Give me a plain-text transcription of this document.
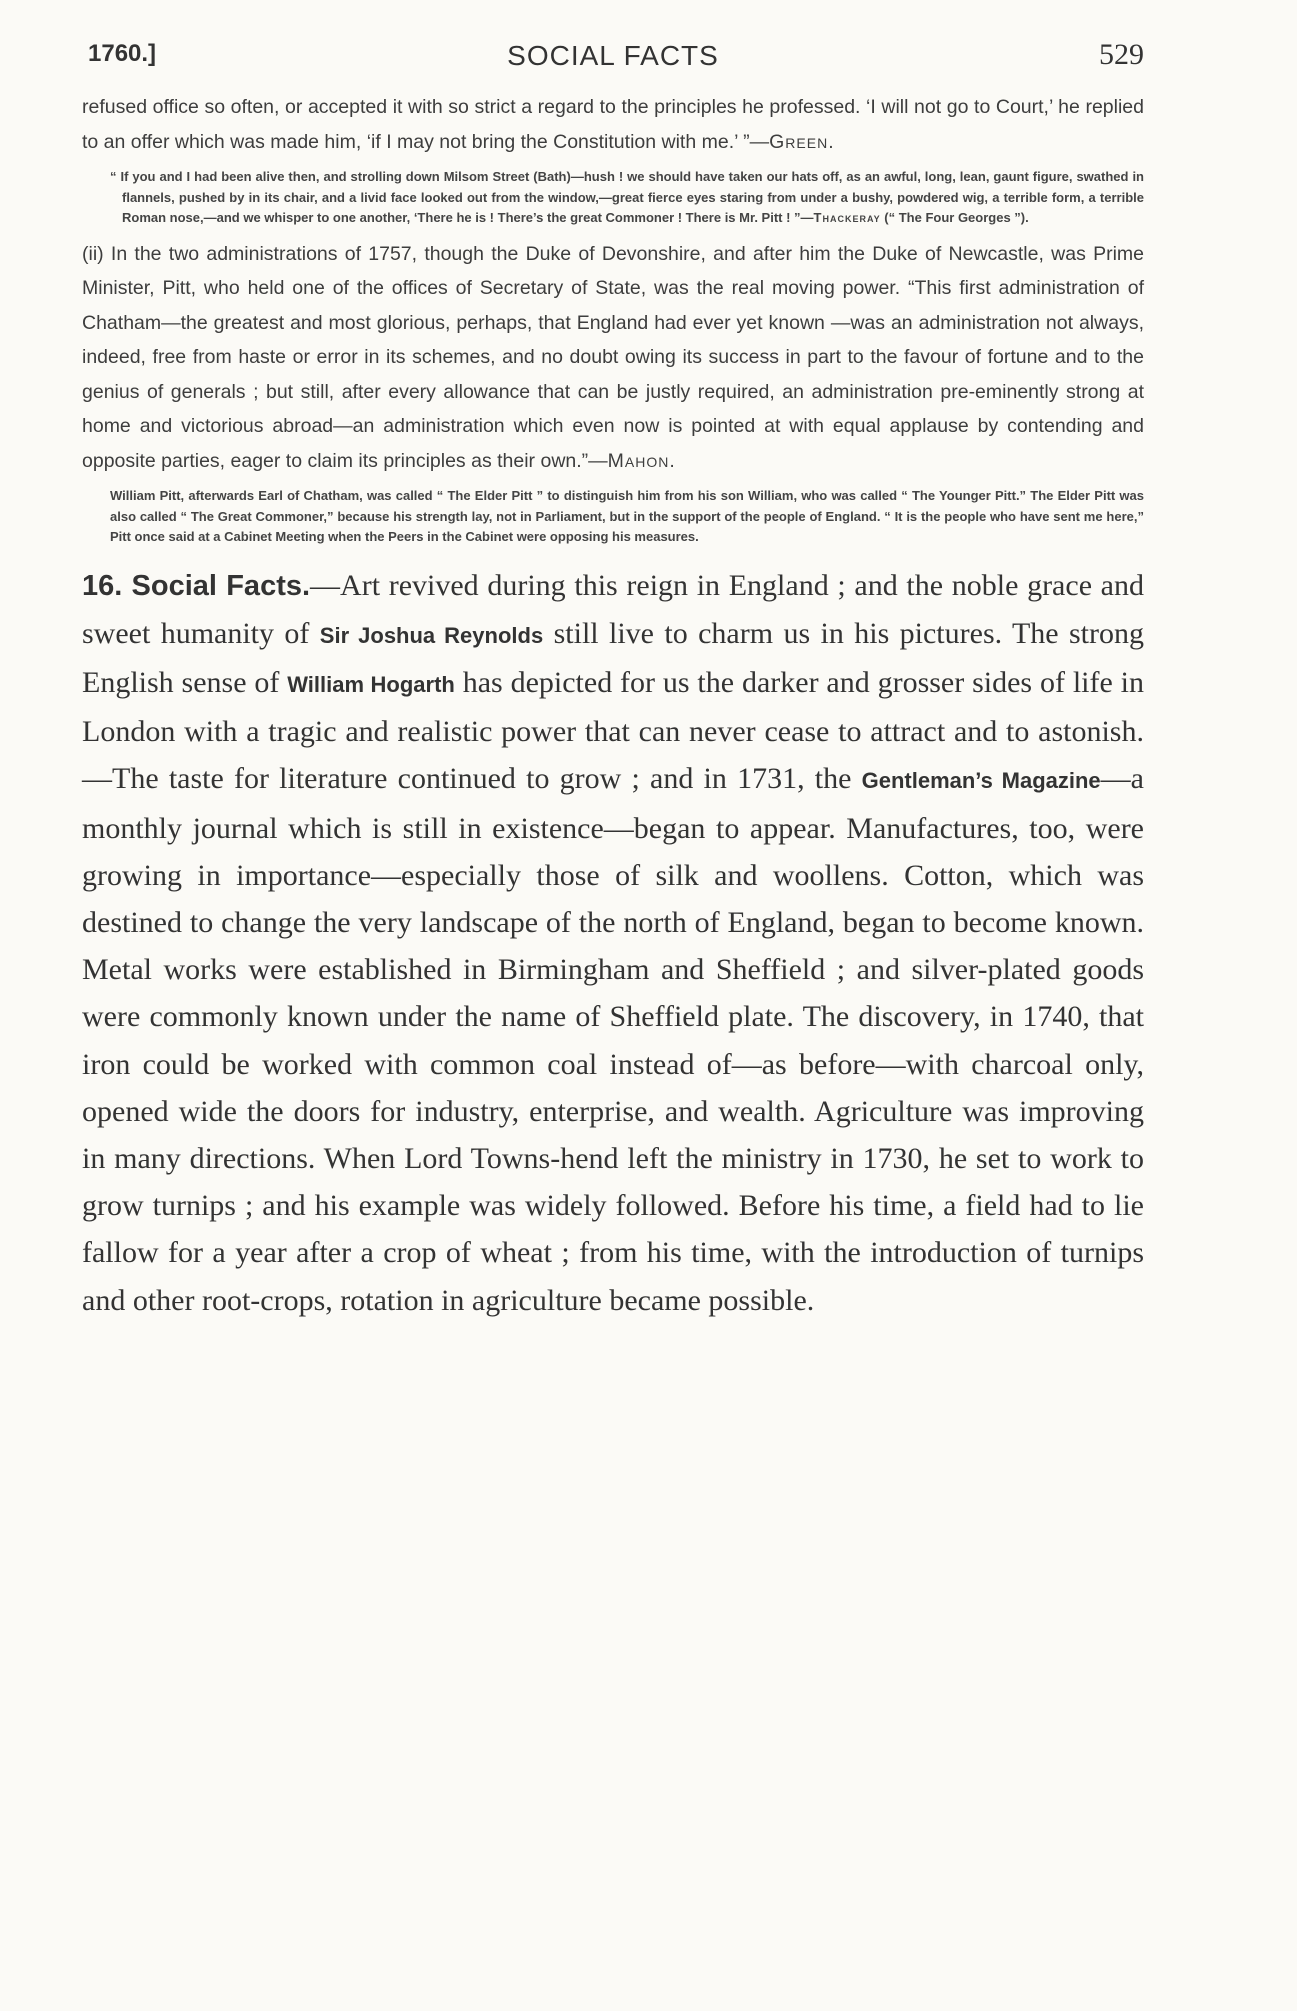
1760.]	SOCIAL FACTS	529

refused office so often, or accepted it with so strict a regard to the principles he professed. ‘I will not go to Court,’ he replied to an offer which was made him, ‘if I may not bring the Constitution with me.’ ”—Green.

“ If you and I had been alive then, and strolling down Milsom Street (Bath)—hush ! we should have taken our hats off, as an awful, long, lean, gaunt figure, swathed in flannels, pushed by in its chair, and a livid face looked out from the window,—great fierce eyes staring from under a bushy, powdered wig, a terrible form, a terrible Roman nose,—and we whisper to one another, ‘There he is ! There’s the great Commoner ! There is Mr. Pitt ! ”—Thackeray (“ The Four Georges ”).

(ii) In the two administrations of 1757, though the Duke of Devonshire, and after him the Duke of Newcastle, was Prime Minister, Pitt, who held one of the offices of Secretary of State, was the real moving power. “This first administration of Chatham—the greatest and most glorious, perhaps, that England had ever yet known —was an administration not always, indeed, free from haste or error in its schemes, and no doubt owing its success in part to the favour of fortune and to the genius of generals ; but still, after every allowance that can be justly required, an administration pre-eminently strong at home and victorious abroad—an administration which even now is pointed at with equal applause by contending and opposite parties, eager to claim its principles as their own.”—Mahon.

William Pitt, afterwards Earl of Chatham, was called “ The Elder Pitt ” to distinguish him from his son William, who was called “ The Younger Pitt.” The Elder Pitt was also called “ The Great Commoner,” because his strength lay, not in Parliament, but in the support of the people of England. “ It is the people who have sent me here,” Pitt once said at a Cabinet Meeting when the Peers in the Cabinet were opposing his measures.

16. Social Facts.—Art revived during this reign in England ; and the noble grace and sweet humanity of Sir Joshua Reynolds still live to charm us in his pictures. The strong English sense of William Hogarth has depicted for us the darker and grosser sides of life in London with a tragic and realistic power that can never cease to attract and to astonish.—The taste for literature continued to grow ; and in 1731, the Gentleman’s Magazine—a monthly journal which is still in existence—began to appear. Manufactures, too, were growing in importance—especially those of silk and woollens. Cotton, which was destined to change the very landscape of the north of England, began to become known. Metal works were established in Birmingham and Sheffield ; and silver-plated goods were commonly known under the name of Sheffield plate. The discovery, in 1740, that iron could be worked with common coal instead of—as before—with charcoal only, opened wide the doors for industry, enterprise, and wealth. Agriculture was improving in many directions. When Lord Towns-hend left the ministry in 1730, he set to work to grow turnips ; and his example was widely followed. Before his time, a field had to lie fallow for a year after a crop of wheat ; from his time, with the introduction of turnips and other root-crops, rotation in agriculture became possible.
